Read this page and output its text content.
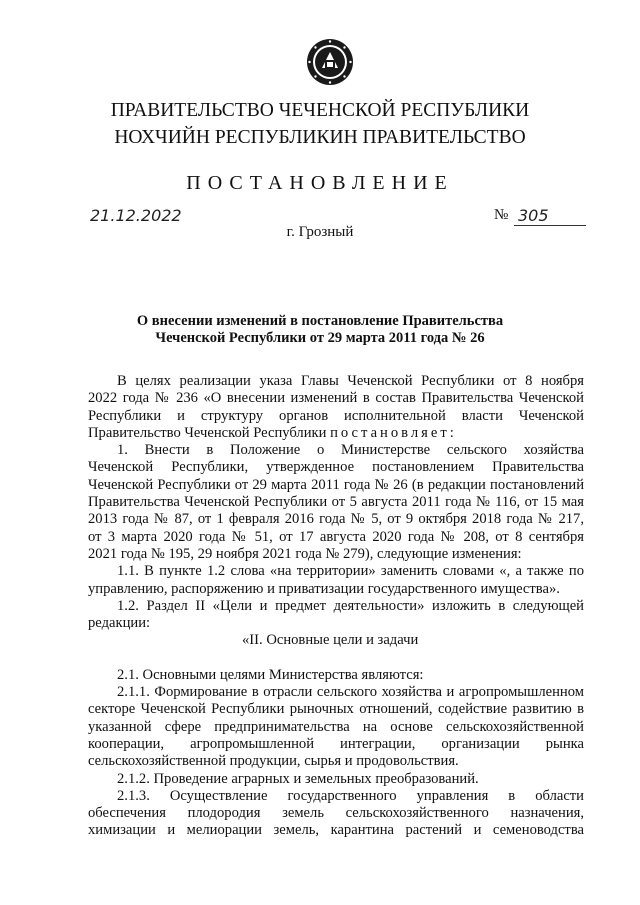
ПРАВИТЕЛЬСТВО ЧЕЧЕНСКОЙ РЕСПУБЛИКИ
НОХЧИЙН РЕСПУБЛИКИН ПРАВИТЕЛЬСТВО
ПОСТАНОВЛЕНИЕ
21.12.2022	№ 305
г. Грозный
О внесении изменений в постановление Правительства
Чеченской Республики от 29 марта 2011 года № 26
В целях реализации указа Главы Чеченской Республики от 8 ноября
2022 года № 236 «О внесении изменений в состав Правительства Чеченской
Республики и структуру органов исполнительной власти Чеченской
Правительство Чеченской Республики постановляет:
1. Внести в Положение о Министерстве сельского хозяйства
Чеченской Республики, утвержденное постановлением Правительства
Чеченской Республики от 29 марта 2011 года № 26 (в редакции постановлений
Правительства Чеченской Республики от 5 августа 2011 года № 116, от 15 мая
2013 года № 87, от 1 февраля 2016 года № 5, от 9 октября 2018 года № 217,
от 3 марта 2020 года № 51, от 17 августа 2020 года № 208, от 8 сентября
2021 года № 195, 29 ноября 2021 года № 279), следующие изменения:
1.1. В пункте 1.2 слова «на территории» заменить словами «, а также по
управлению, распоряжению и приватизации государственного имущества».
1.2. Раздел II «Цели и предмет деятельности» изложить в следующей
редакции:
«II. Основные цели и задачи
2.1. Основными целями Министерства являются:
2.1.1. Формирование в отрасли сельского хозяйства и агропромышленном
секторе Чеченской Республики рыночных отношений, содействие развитию в
указанной сфере предпринимательства на основе сельскохозяйственной
кооперации, агропромышленной интеграции, организации рынка
сельскохозяйственной продукции, сырья и продовольствия.
2.1.2. Проведение аграрных и земельных преобразований.
2.1.3. Осуществление государственного управления в области
обеспечения плодородия земель сельскохозяйственного назначения,
химизации и мелиорации земель, карантина растений и семеноводства
